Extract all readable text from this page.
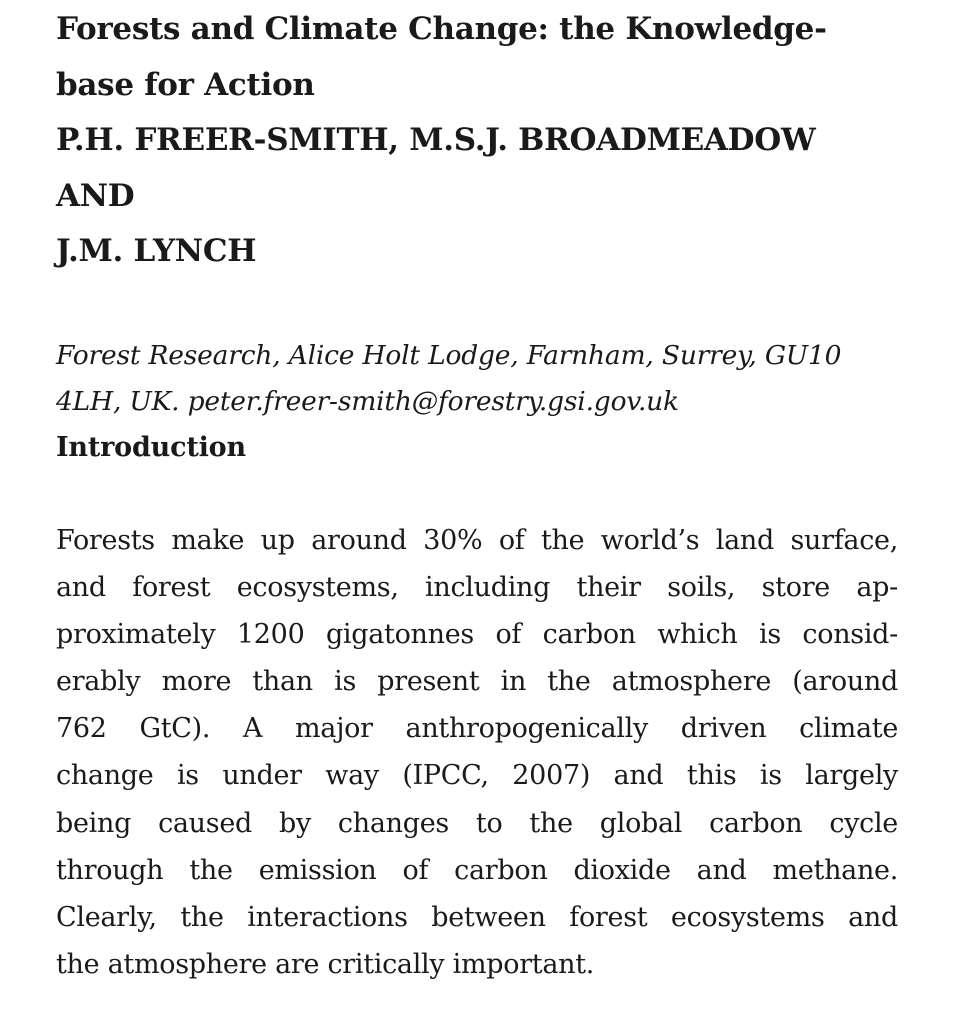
Forests and Climate Change: the Knowledge-
base for Action
P.H. FREER-SMITH, M.S.J. BROADMEADOW
AND
J.M. LYNCH
Forest Research, Alice Holt Lodge, Farnham, Surrey, GU10
4LH, UK. peter.freer-smith@forestry.gsi.gov.uk
Introduction
Forests make up around 30% of the world’s land surface,
and forest ecosystems, including their soils, store ap-
proximately 1200 gigatonnes of carbon which is consid-
erably more than is present in the atmosphere (around
762 GtC). A major anthropogenically driven climate
change is under way (IPCC, 2007) and this is largely
being caused by changes to the global carbon cycle
through the emission of carbon dioxide and methane.
Clearly, the interactions between forest ecosystems and
the atmosphere are critically important.
